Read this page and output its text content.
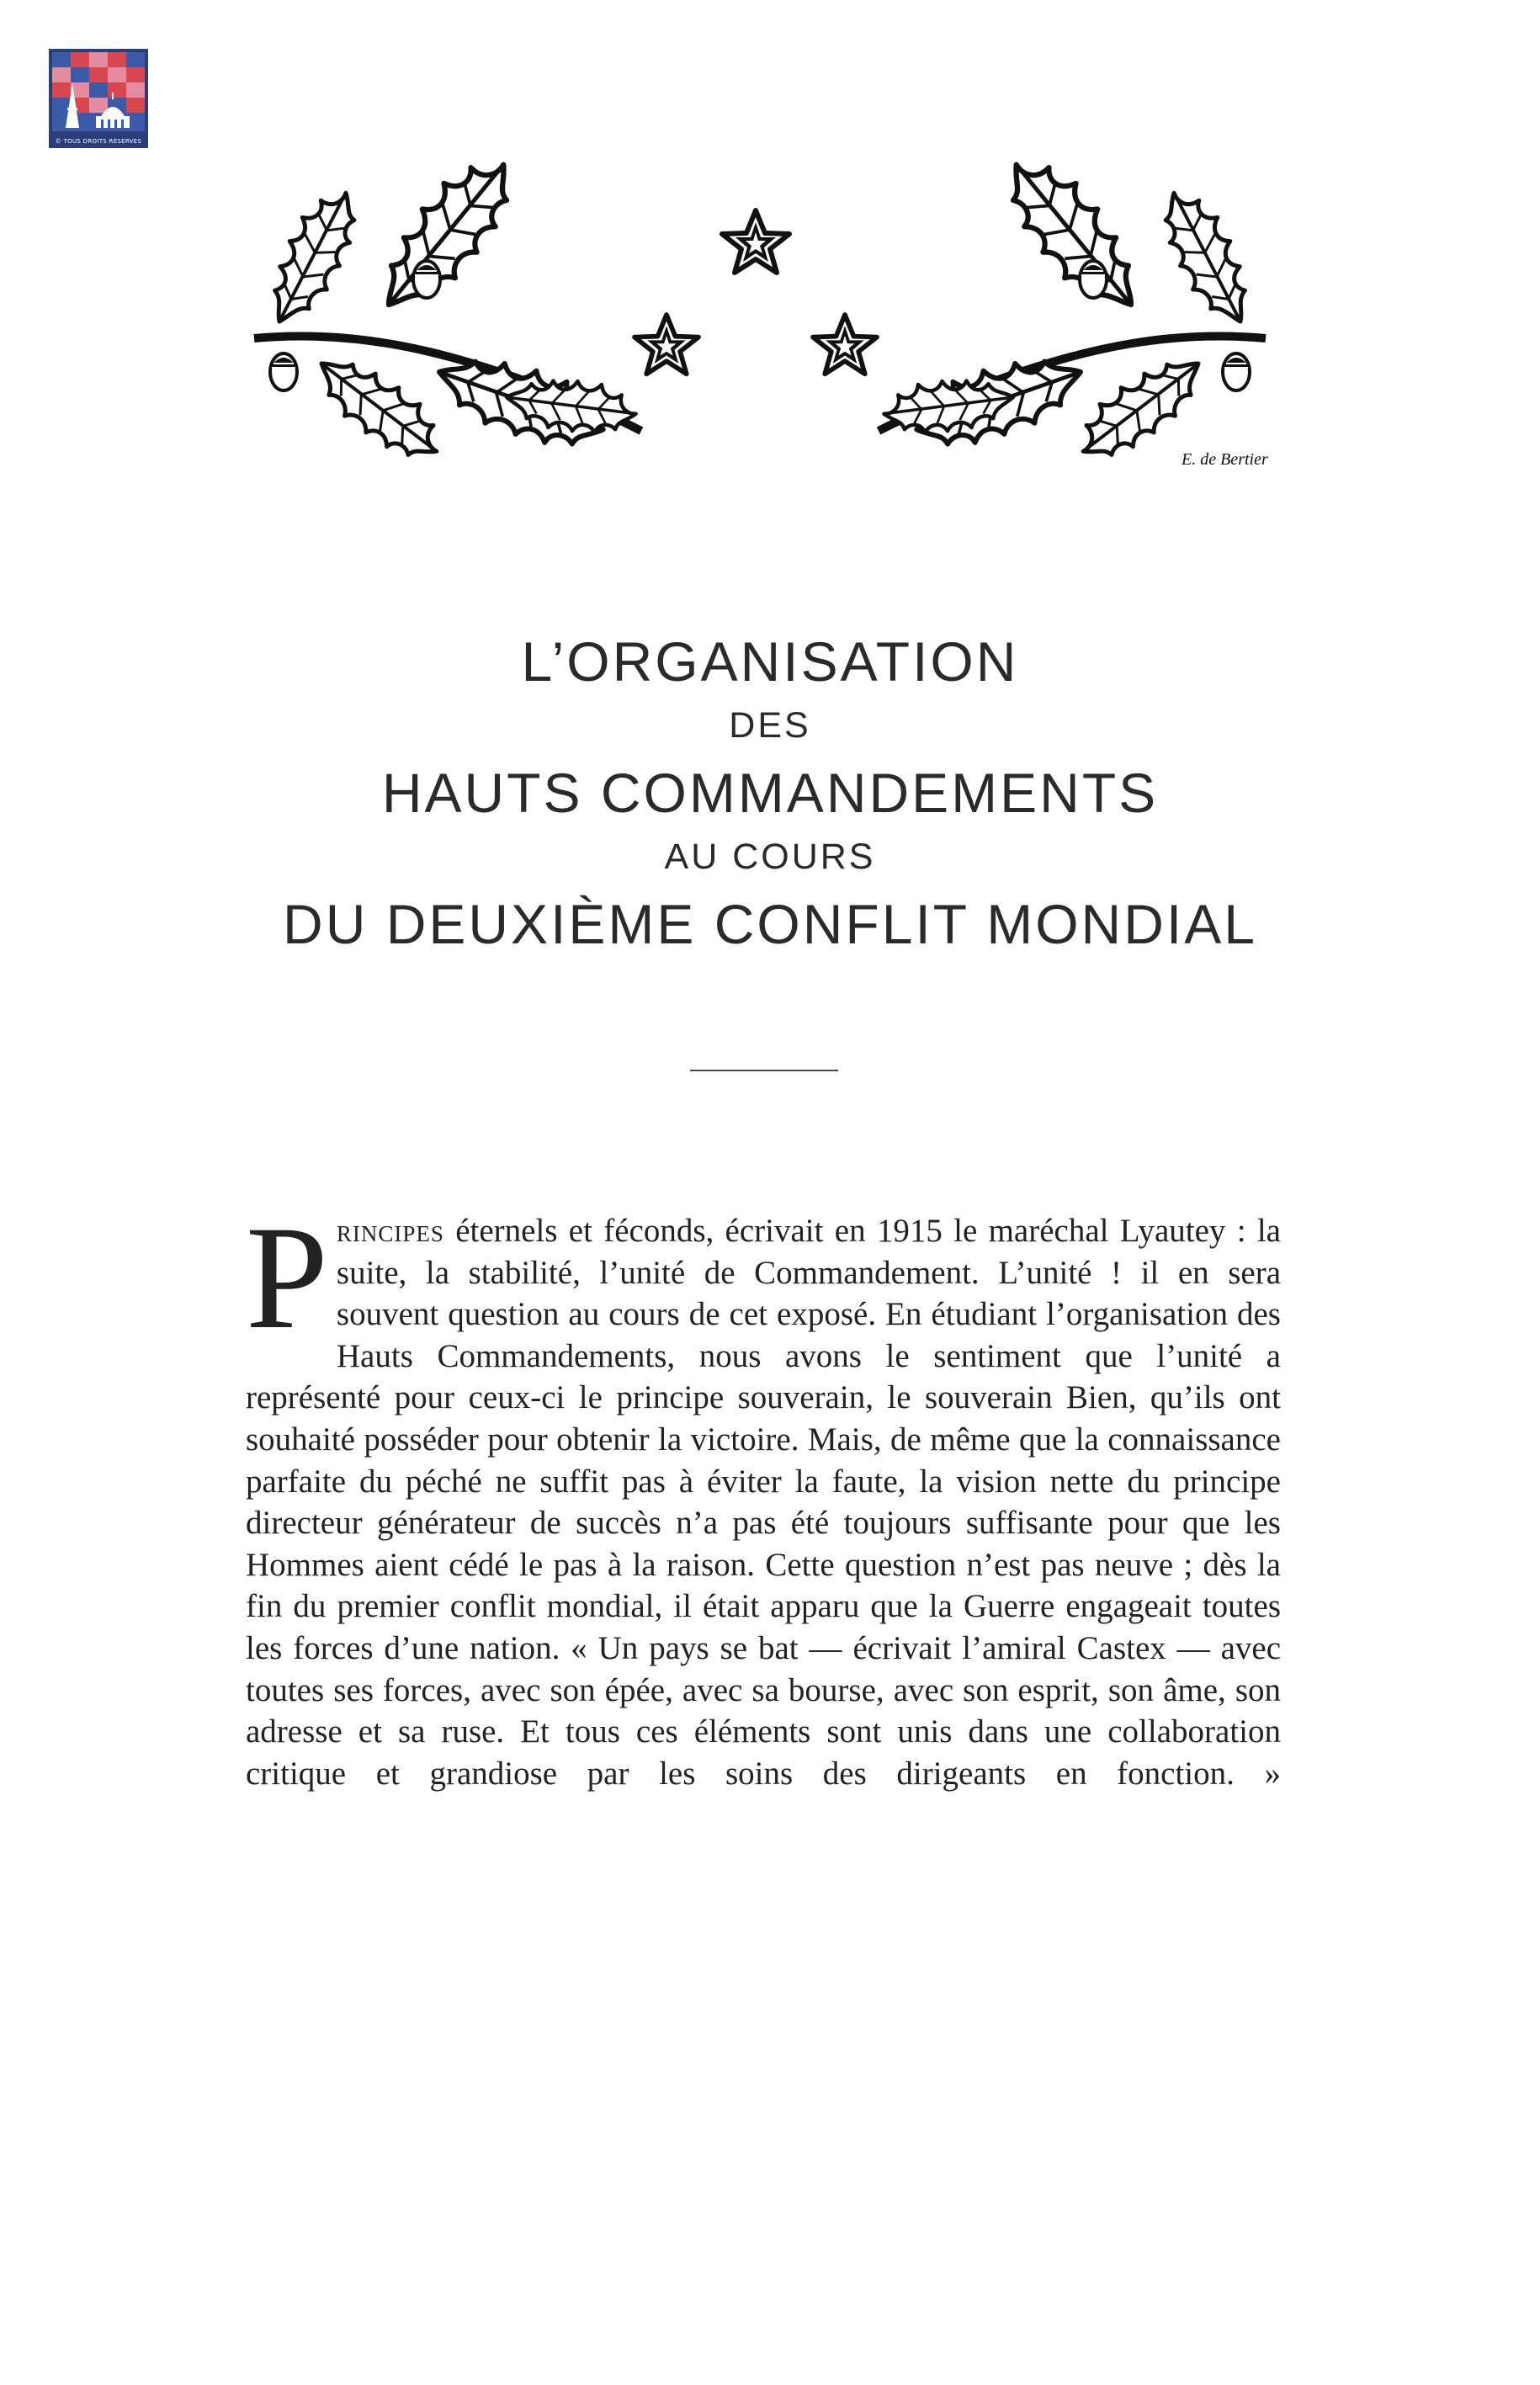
© TOUS DROITS RÉSERVÉS
E. de Bertier
L’ORGANISATION
DES
HAUTS COMMANDEMENTS
AU COURS
DU DEUXIÈME CONFLIT MONDIAL
Principes éternels et féconds, écrivait en 1915 le maréchal Lyautey : la suite, la stabilité, l’unité de Commandement. L’unité ! il en sera souvent question au cours de cet exposé. En étudiant l’organisation des Hauts Commandements, nous avons le sentiment que l’unité a représenté pour ceux-ci le principe souverain, le souverain Bien, qu’ils ont souhaité posséder pour obtenir la victoire. Mais, de même que la connaissance parfaite du péché ne suffit pas à éviter la faute, la vision nette du principe directeur générateur de succès n’a pas été toujours suffisante pour que les Hommes aient cédé le pas à la raison. Cette question n’est pas neuve ; dès la fin du premier conflit mondial, il était apparu que la Guerre engageait toutes les forces d’une nation. « Un pays se bat — écrivait l’amiral Castex — avec toutes ses forces, avec son épée, avec sa bourse, avec son esprit, son âme, son adresse et sa ruse. Et tous ces éléments sont unis dans une collaboration critique et grandiose par les soins des dirigeants en fonction. »
